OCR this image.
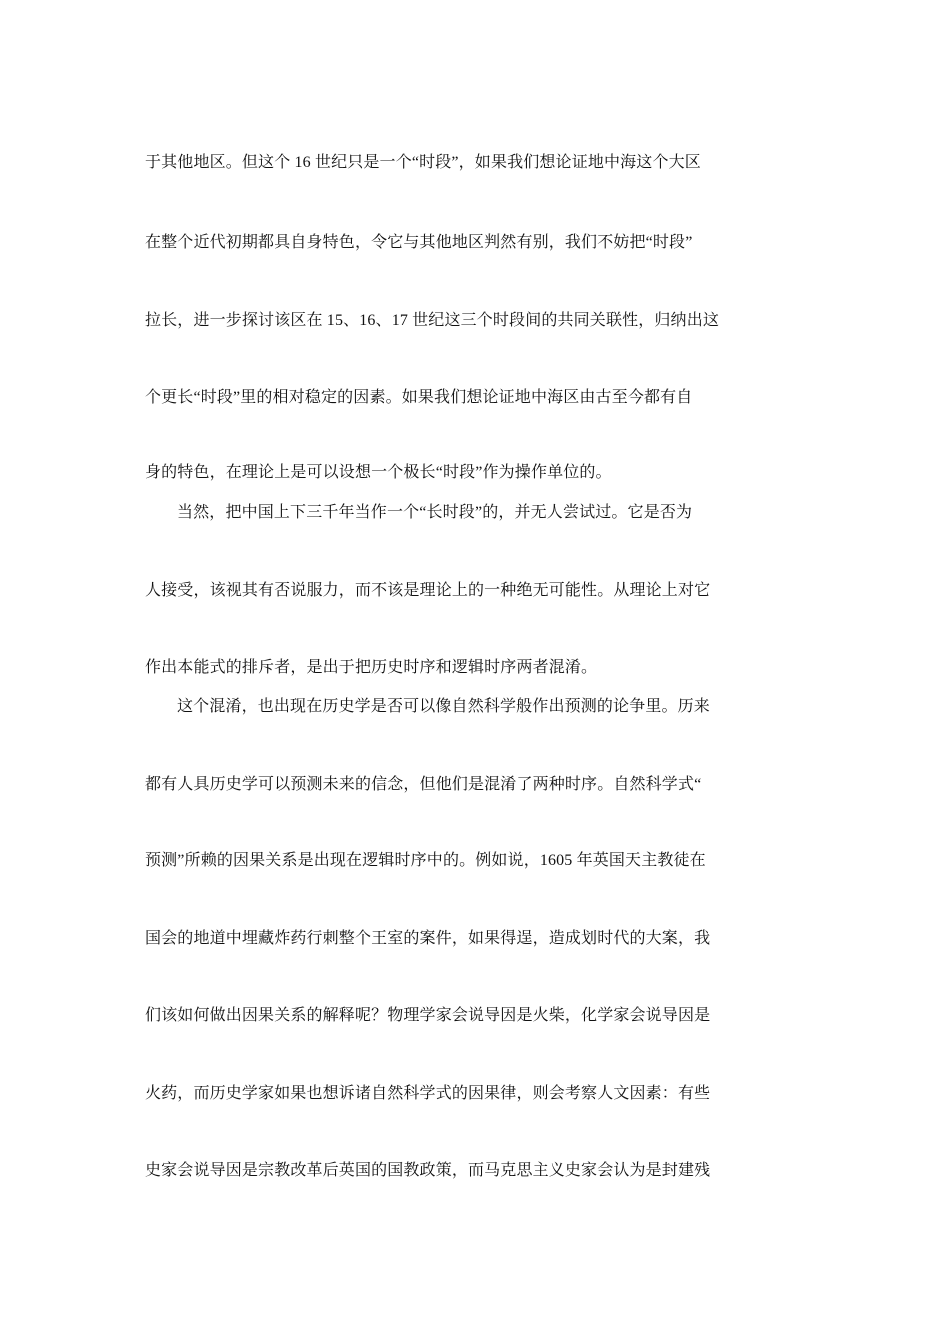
于其他地区。但这个 16 世纪只是一个“时段”，如果我们想论证地中海这个大区
在整个近代初期都具自身特色，令它与其他地区判然有别，我们不妨把“时段”
拉长，进一步探讨该区在 15、16、17 世纪这三个时段间的共同关联性，归纳出这
个更长“时段”里的相对稳定的因素。如果我们想论证地中海区由古至今都有自
身的特色，在理论上是可以设想一个极长“时段”作为操作单位的。
当然，把中国上下三千年当作一个“长时段”的，并无人尝试过。它是否为
人接受，该视其有否说服力，而不该是理论上的一种绝无可能性。从理论上对它
作出本能式的排斥者，是出于把历史时序和逻辑时序两者混淆。
这个混淆，也出现在历史学是否可以像自然科学般作出预测的论争里。历来
都有人具历史学可以预测未来的信念，但他们是混淆了两种时序。自然科学式“
预测”所赖的因果关系是出现在逻辑时序中的。例如说，1605 年英国天主教徒在
国会的地道中埋藏炸药行刺整个王室的案件，如果得逞，造成划时代的大案，我
们该如何做出因果关系的解释呢？物理学家会说导因是火柴，化学家会说导因是
火药，而历史学家如果也想诉诸自然科学式的因果律，则会考察人文因素：有些
史家会说导因是宗教改革后英国的国教政策，而马克思主义史家会认为是封建残
